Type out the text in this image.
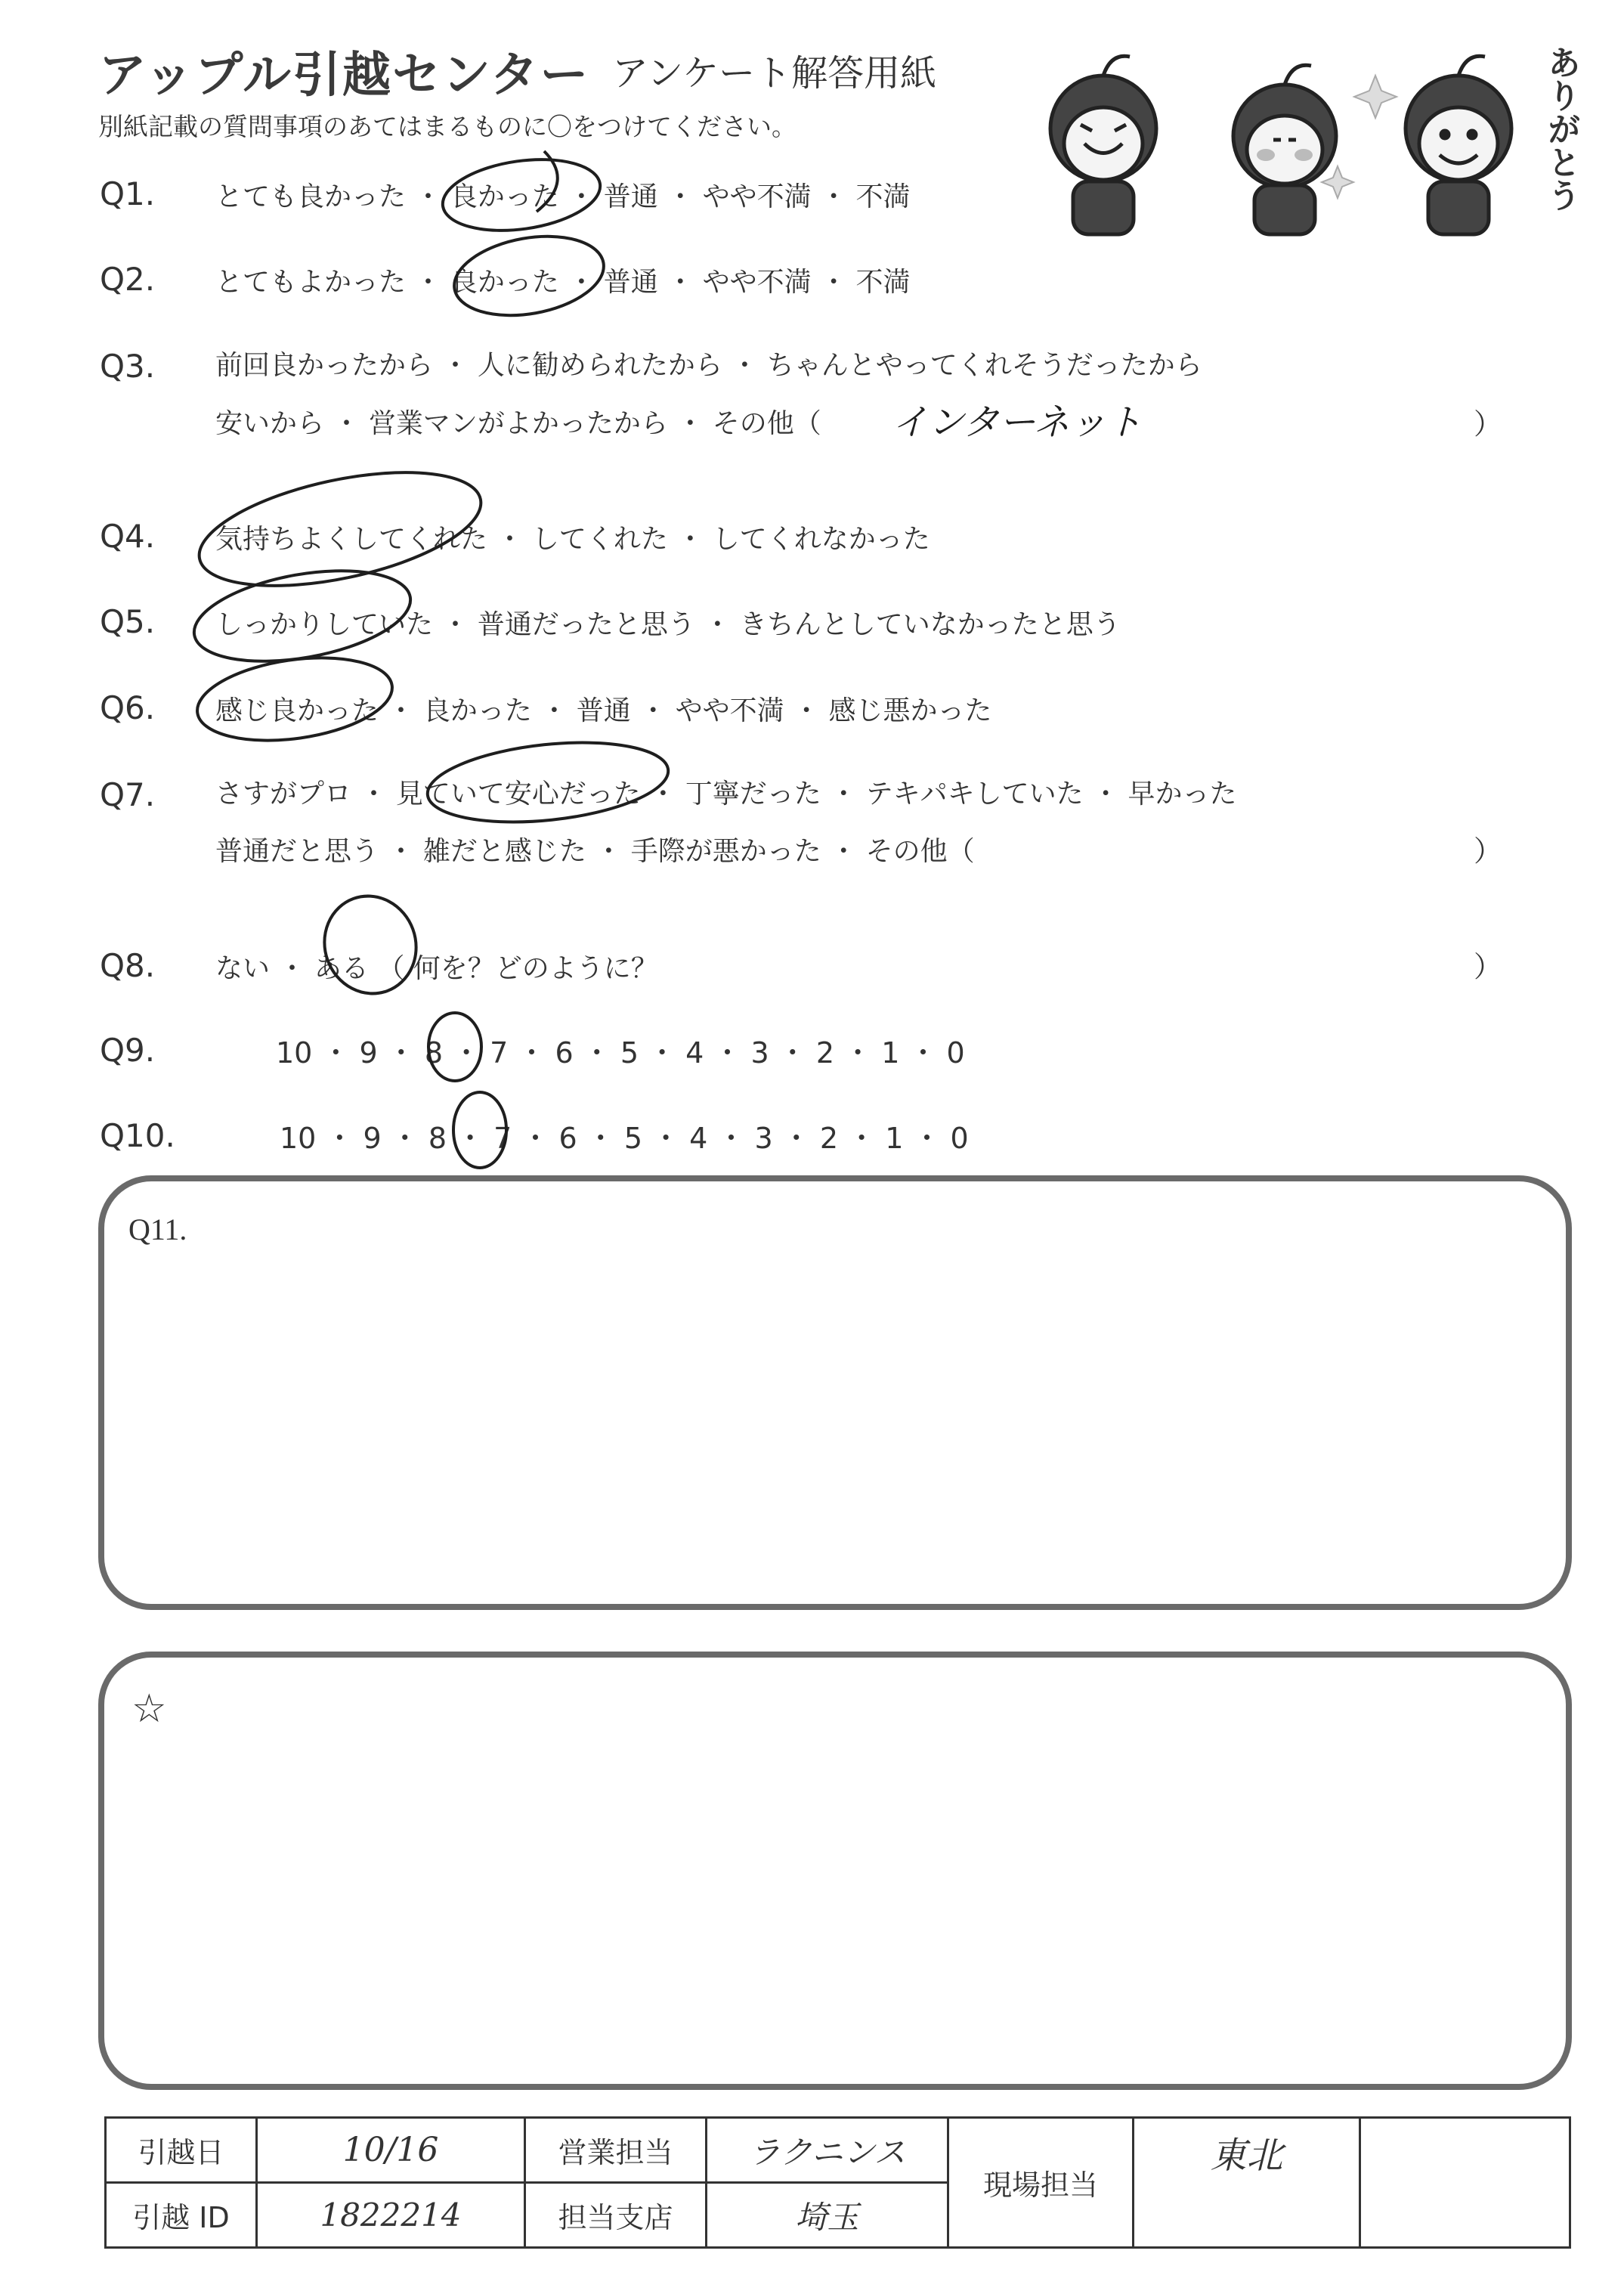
アップル引越センター アンケート解答用紙
別紙記載の質問事項のあてはまるものに〇をつけてください。	ありがとう
Q1. とても良かった ・ 良かった ・ 普通 ・ やや不満 ・ 不満
Q2. とてもよかった ・ 良かった ・ 普通 ・ やや不満 ・ 不満
Q3. 前回良かったから ・ 人に勧められたから ・ ちゃんとやってくれそうだったから
安いから ・ 営業マンがよかったから ・ その他（ インターネット	）
Q4. 気持ちよくしてくれた ・ してくれた ・ してくれなかった
Q5. しっかりしていた ・ 普通だったと思う ・ きちんとしていなかったと思う
Q6. 感じ良かった ・ 良かった ・ 普通 ・ やや不満 ・ 感じ悪かった
Q7. さすがプロ ・ 見ていて安心だった ・ 丁寧だった ・ テキパキしていた ・ 早かった
普通だと思う ・ 雑だと感じた ・ 手際が悪かった ・ その他（	）
Q8. ない ・ ある （ 何を？どのように？	）
Q9.	10 ・ 9 ・ 8 ・ 7 ・ 6 ・ 5 ・ 4 ・ 3 ・ 2 ・ 1 ・ 0
Q10.	10 ・ 9 ・ 8 ・ 7 ・ 6 ・ 5 ・ 4 ・ 3 ・ 2 ・ 1 ・ 0
Q11.
☆
引越日	10/16	営業担当	ラクニンス	現場担当	東北	
引越 ID	1822214	担当支店	埼玉			
